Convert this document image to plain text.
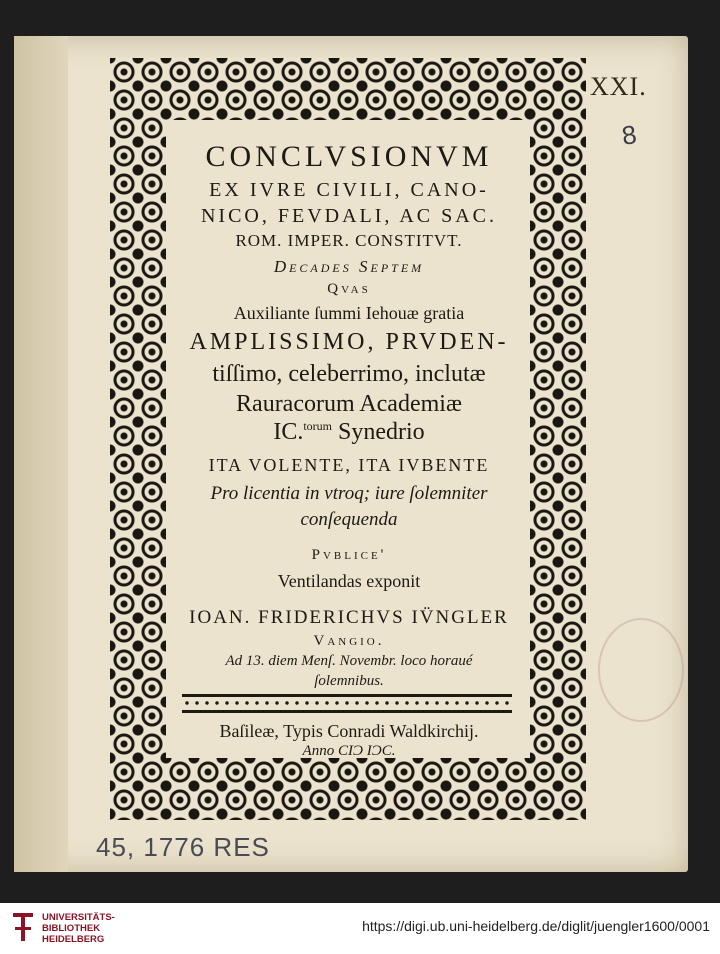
XXI.
8
45, 1776 RES
CONCLVSIONVM
EX IVRE CIVILI, CANO-
NICO, FEVDALI, AC SAC.
ROM. IMPER. CONSTITVT.
Decades Septem
Qvas
Auxiliante ſummi Iehouæ gratia
AMPLISSIMO, PRVDEN-
tiſſimo, celeberrimo, inclutæ
Rauracorum Academiæ
IC.$^{torum}$ Synedrio
ITA VOLENTE, ITA IVBENTE
Pro licentia in vtroq; iure ſolemniter
conſequenda
Pvblice'
Ventilandas exponit
IOAN. FRIDERICHVS IV̈NGLER
Vangio.
Ad 13. diem Menſ. Novembr. loco horaué
ſolemnibus.
Baſileæ, Typis Conradi Waldkirchij.
Anno CIƆ IƆC.
UNIVERSITÄTS-
BIBLIOTHEK
HEIDELBERG
https://digi.ub.uni-heidelberg.de/diglit/juengler1600/0001
